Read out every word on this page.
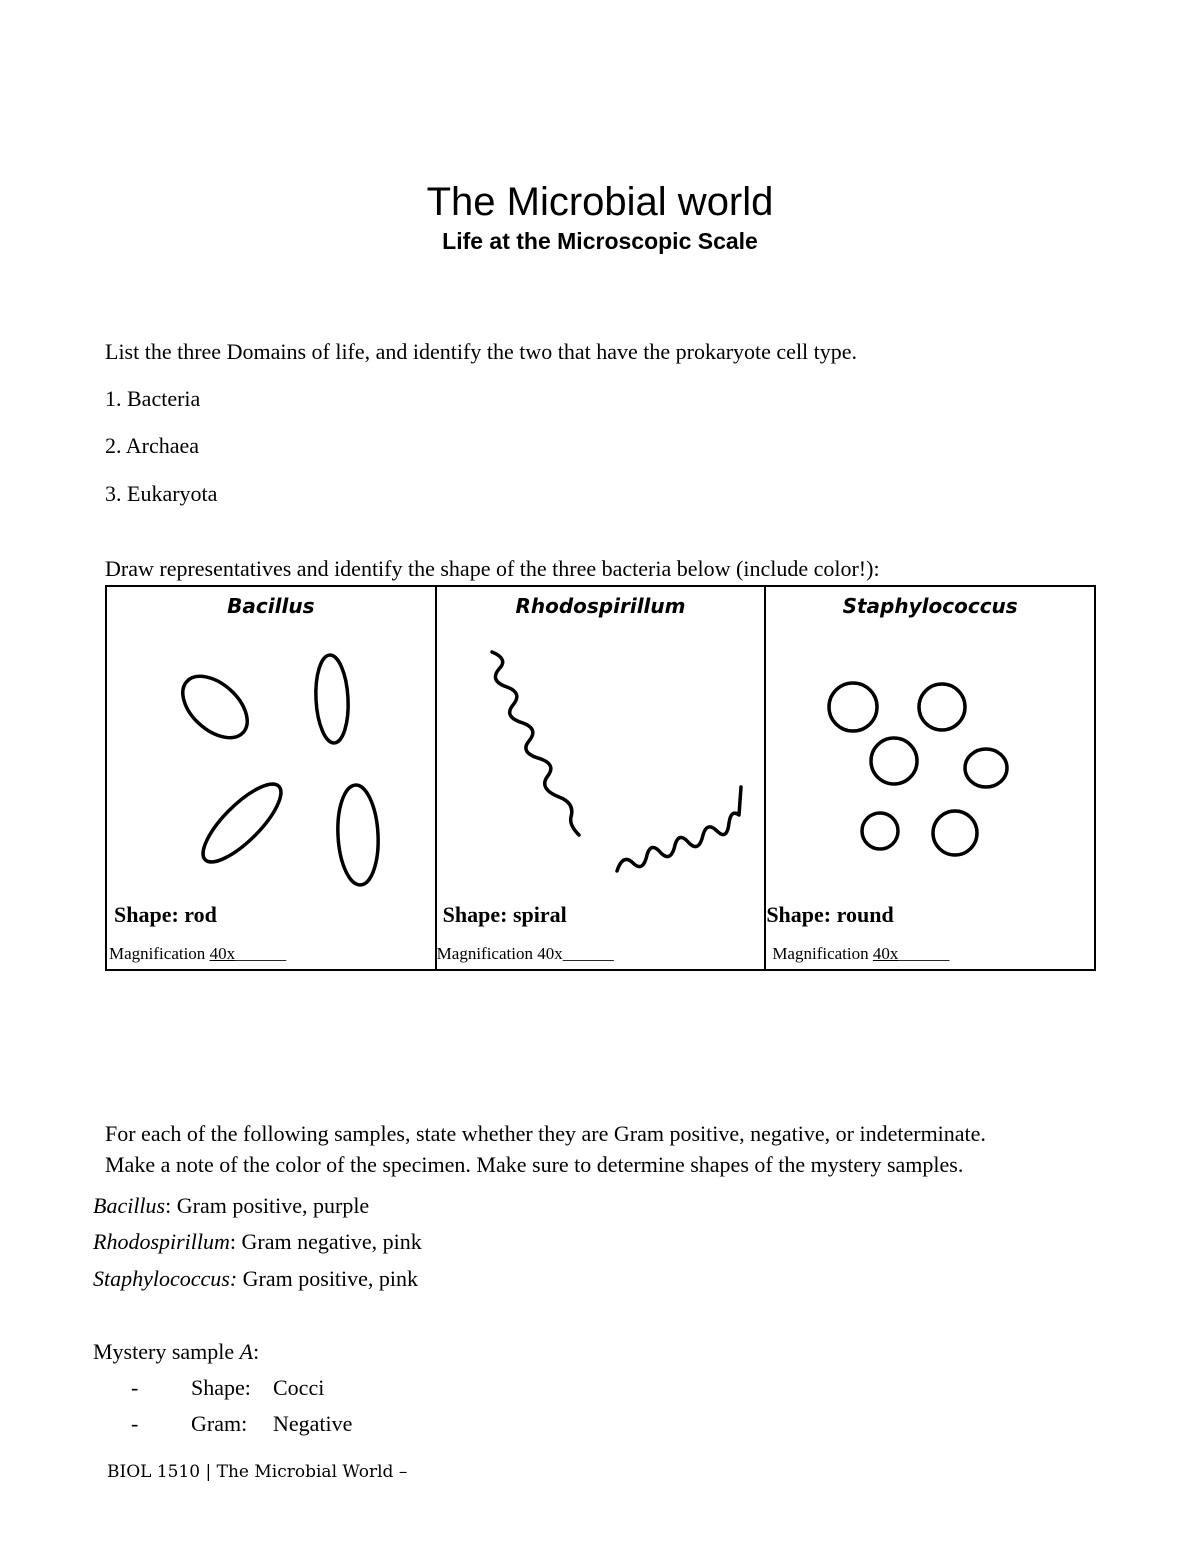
The Microbial world
Life at the Microscopic Scale
List the three Domains of life, and identify the two that have the prokaryote cell type.
1. Bacteria
2. Archaea
3. Eukaryota
Draw representatives and identify the shape of the three bacteria below (include color!):
Bacillus
Shape: rod
Magnification 40x______

Rhodospirillum
Shape: spiral
Magnification 40x______

Staphylococcus
Shape: round
Magnification 40x______
For each of the following samples, state whether they are Gram positive, negative, or indeterminate.
Make a note of the color of the specimen. Make sure to determine shapes of the mystery samples.
Bacillus: Gram positive, purple
Rhodospirillum: Gram negative, pink
Staphylococcus: Gram positive, pink
Mystery sample A:
- Shape: Cocci
- Gram: Negative
BIOL 1510 | The Microbial World –
